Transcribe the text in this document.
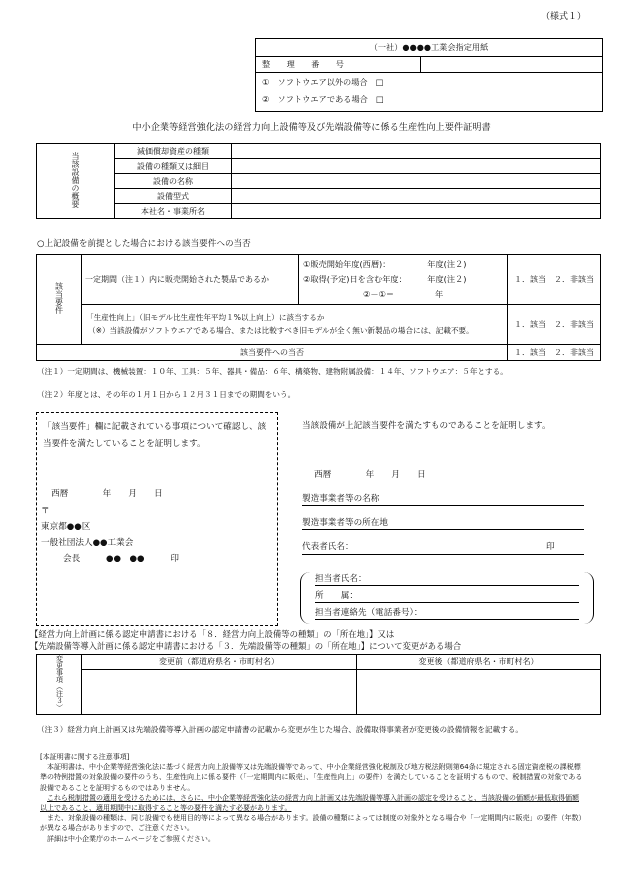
（様式１）
（一社）●●●●工業会指定用紙
整　　理　　番　　号
①　ソフトウエア以外の場合　□
②　ソフトウエアである場合　□
中小企業等経営強化法の経営力向上設備等及び先端設備等に係る生産性向上要件証明書
当該設備の概要	減価償却資産の種類	
	設備の種類又は細目	
	設備の名称	
	設備型式	
	本社名・事業所名	
○上記設備を前提とした場合における該当要件への当否
該当要件	一定期間（注１）内に販売開始された製品であるか	①販売開始年度(西暦)：　　　　　年度(注２)
②取得(予定)日を含む年度：　　　年度(注２)
②－①＝　　　　　年	１．該当　２．非該当

	「生産性向上」（旧モデル比生産性年平均１%以上向上）に該当するか
（※）当該設備がソフトウエアである場合、または比較すべき旧モデルが全く無い新製品の場合には、記載不要。		１．該当　２．非該当
該当要件への当否			１．該当　２．非該当
（注１）一定期間は、機械装置：１０年、工具：５年、器具・備品：６年、構築物、建物附属設備：１４年、ソフトウエア：５年とする。
（注２）年度とは、その年の１月１日から１２月３１日までの期間をいう。
「該当要件」欄に記載されている事項について確認し、該当要件を満たしていることを証明します。
西暦　　　　年　　月　　日
〒
東京都●●区
一般社団法人●●工業会
会長　　　●●　●●　　　印
当該設備が上記該当要件を満たすものであることを証明します。
西暦　　　　年　　月　　日
製造事業者等の名称
製造事業者等の所在地
代表者氏名：	印
担当者氏名：
所　　属：
担当者連絡先（電話番号）：
【経営力向上計画に係る認定申請書における「８．経営力向上設備等の種類」の「所在地」】又は
【先端設備等導入計画に係る認定申請書における「３．先端設備等の種類」の「所在地」】について変更がある場合
変更事項（注３）	変更前（都道府県名・市町村名）	変更後（都道府県名・市町村名）

（注３）経営力向上計画又は先端設備等導入計画の認定申請書の記載から変更が生じた場合、設備取得事業者が変更後の設備情報を記載する。
[本証明書に関する注意事項]
本証明書は、中小企業等経営強化法に基づく経営力向上設備等又は先端設備等であって、中小企業経営強化税制及び地方税法附則第64条に規定される固定資産税の課税標準の特例措置の対象設備の要件のうち、生産性向上に係る要件（「一定期間内に販売」、「生産性向上」の要件）を満たしていることを証明するもので、税制措置の対象である設備であることを証明するものではありません。
これら税制措置の適用を受けるためには、さらに、中小企業等経営強化法の経営力向上計画又は先端設備等導入計画の認定を受けること、当該設備の価額が最低取得価額以上であること、適用期間中に取得すること等の要件を満たす必要があります。
また、対象設備の種類は、同じ設備でも使用目的等によって異なる場合があります。設備の種類によっては制度の対象外となる場合や「一定期間内に販売」の要件（年数）が異なる場合がありますので、ご注意ください。
詳細は中小企業庁のホームページをご参照ください。
